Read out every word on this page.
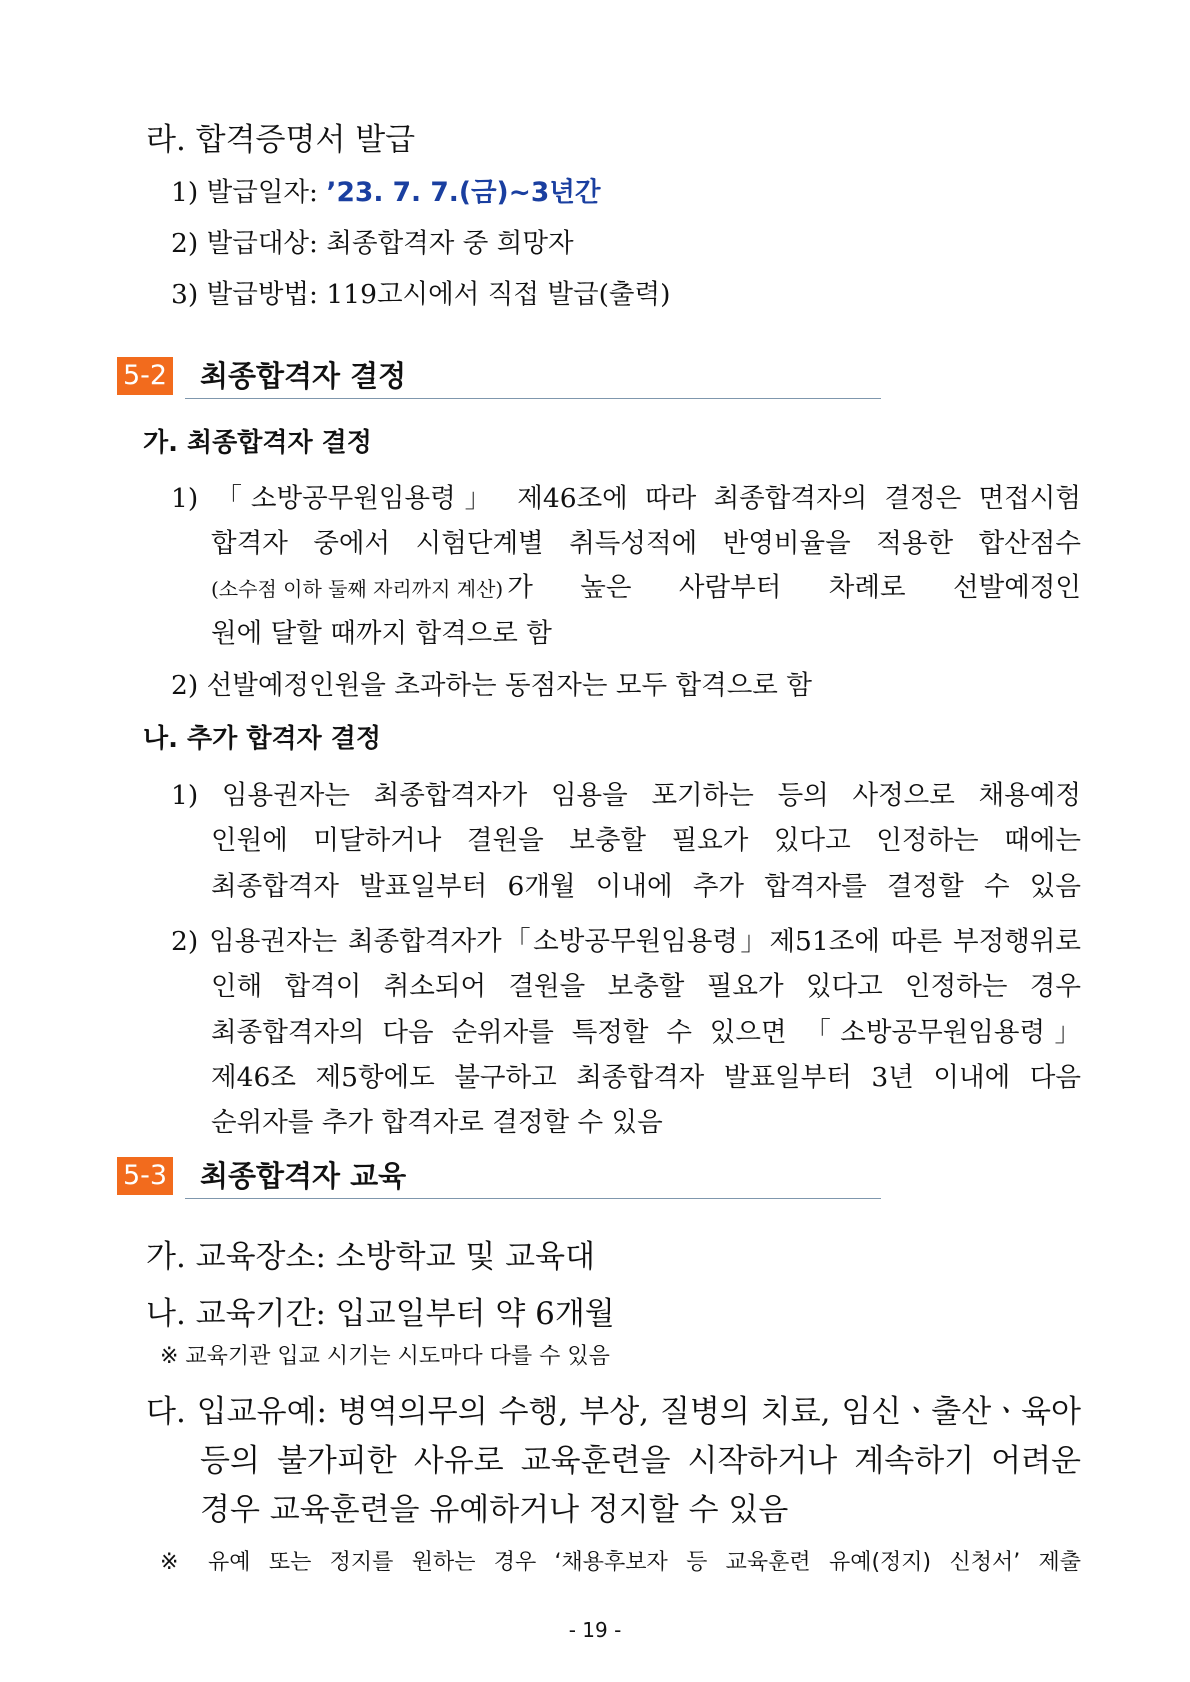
라. 합격증명서 발급
1) 발급일자: ’23. 7. 7.(금)∼3년간
2) 발급대상: 최종합격자 중 희망자
3) 발급방법: 119고시에서 직접 발급(출력)
5-2 최종합격자 결정
가. 최종합격자 결정
1) 「소방공무원임용령」 제46조에 따라 최종합격자의 결정은 면접시험
합격자 중에서 시험단계별 취득성적에 반영비율을 적용한 합산점수
(소수점 이하 둘째 자리까지 계산) 가 높은 사람부터 차례로 선발예정인
원에 달할 때까지 합격으로 함
2) 선발예정인원을 초과하는 동점자는 모두 합격으로 함
나. 추가 합격자 결정
1) 임용권자는 최종합격자가 임용을 포기하는 등의 사정으로 채용예정
인원에 미달하거나 결원을 보충할 필요가 있다고 인정하는 때에는
최종합격자 발표일부터 6개월 이내에 추가 합격자를 결정할 수 있음
2) 임용권자는 최종합격자가「소방공무원임용령」제51조에 따른 부정행위로
인해 합격이 취소되어 결원을 보충할 필요가 있다고 인정하는 경우
최종합격자의 다음 순위자를 특정할 수 있으면 「소방공무원임용령」
제46조 제5항에도 불구하고 최종합격자 발표일부터 3년 이내에 다음
순위자를 추가 합격자로 결정할 수 있음
5-3 최종합격자 교육
가. 교육장소: 소방학교 및 교육대
나. 교육기간: 입교일부터 약 6개월
※ 교육기관 입교 시기는 시도마다 다를 수 있음
다. 입교유예: 병역의무의 수행, 부상, 질병의 치료, 임신ㆍ출산ㆍ육아
등의 불가피한 사유로 교육훈련을 시작하거나 계속하기 어려운
경우 교육훈련을 유예하거나 정지할 수 있음
※ 유예 또는 정지를 원하는 경우 ‘채용후보자 등 교육훈련 유예(정지) 신청서’ 제출
- 19 -
